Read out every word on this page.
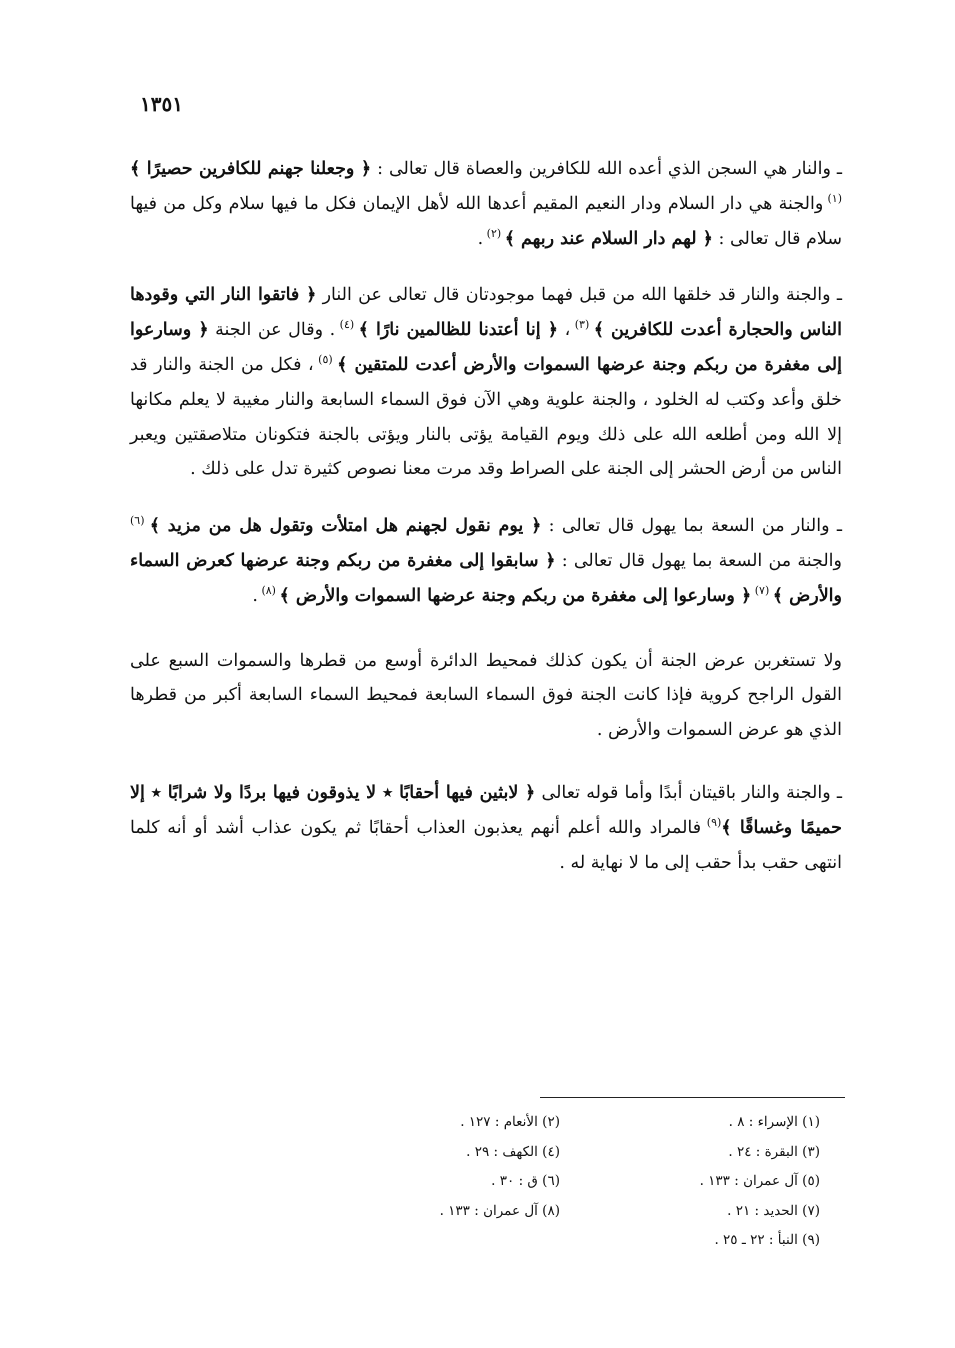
١٣٥١

ـ والنار هي السجن الذي أعده الله للكافرين والعصاة قال تعالى : ﴿ وجعلنا جهنم للكافرين حصيرًا ﴾ $^{(١)}$ والجنة هي دار السلام ودار النعيم المقيم أعدها الله لأهل الإيمان فكل ما فيها سلام وكل من فيها سلام قال تعالى : ﴿ لهم دار السلام عند ربهم ﴾ $^{(٢)}$ .

ـ والجنة والنار قد خلقها الله من قبل فهما موجودتان قال تعالى عن النار ﴿ فاتقوا النار التي وقودها الناس والحجارة أعدت للكافرين ﴾ $^{(٣)}$ ، ﴿ إنا أعتدنا للظالمين نارًا ﴾ $^{(٤)}$ . وقال عن الجنة ﴿ وسارعوا إلى مغفرة من ربكم وجنة عرضها السموات والأرض أعدت للمتقين ﴾ $^{(٥)}$ ، فكل من الجنة والنار قد خلق وأعد وكتب له الخلود ، والجنة علوية وهي الآن فوق السماء السابعة والنار مغيبة لا يعلم مكانها إلا الله ومن أطلعه الله على ذلك ويوم القيامة يؤتى بالنار ويؤتى بالجنة فتكونان متلاصقتين ويعبر الناس من أرض الحشر إلى الجنة على الصراط وقد مرت معنا نصوص كثيرة تدل على ذلك .

ـ والنار من السعة بما يهول قال تعالى : ﴿ يوم نقول لجهنم هل امتلأت وتقول هل من مزيد ﴾ $^{(٦)}$ والجنة من السعة بما يهول قال تعالى : ﴿ سابقوا إلى مغفرة من ربكم وجنة عرضها كعرض السماء والأرض ﴾ $^{(٧)}$ ﴿ وسارعوا إلى مغفرة من ربكم وجنة عرضها السموات والأرض ﴾ $^{(٨)}$ .

ولا تستغربن عرض الجنة أن يكون كذلك فمحيط الدائرة أوسع من قطرها والسموات السبع على القول الراجح كروية فإذا كانت الجنة فوق السماء السابعة فمحيط السماء السابعة أكبر من قطرها الذي هو عرض السموات والأرض .

ـ والجنة والنار باقيتان أبدًا وأما قوله تعالى ﴿ لابثين فيها أحقابًا ٭ لا يذوقون فيها بردًا ولا شرابًا ٭ إلا حميمًا وغساقًا ﴾$^{(٩)}$ فالمراد والله أعلم أنهم يعذبون العذاب أحقابًا ثم يكون عذاب أشد أو أنه كلما انتهى حقب بدأ حقب إلى ما لا نهاية له .

(١) الإسراء : ٨ .
(٣) البقرة : ٢٤ .
(٥) آل عمران : ١٣٣ .
(٧) الحديد : ٢١ .
(٩) النبأ : ٢٢ ـ ٢٥ .
(٢) الأنعام : ١٢٧ .
(٤) الكهف : ٢٩ .
(٦) ق : ٣٠ .
(٨) آل عمران : ١٣٣ .
